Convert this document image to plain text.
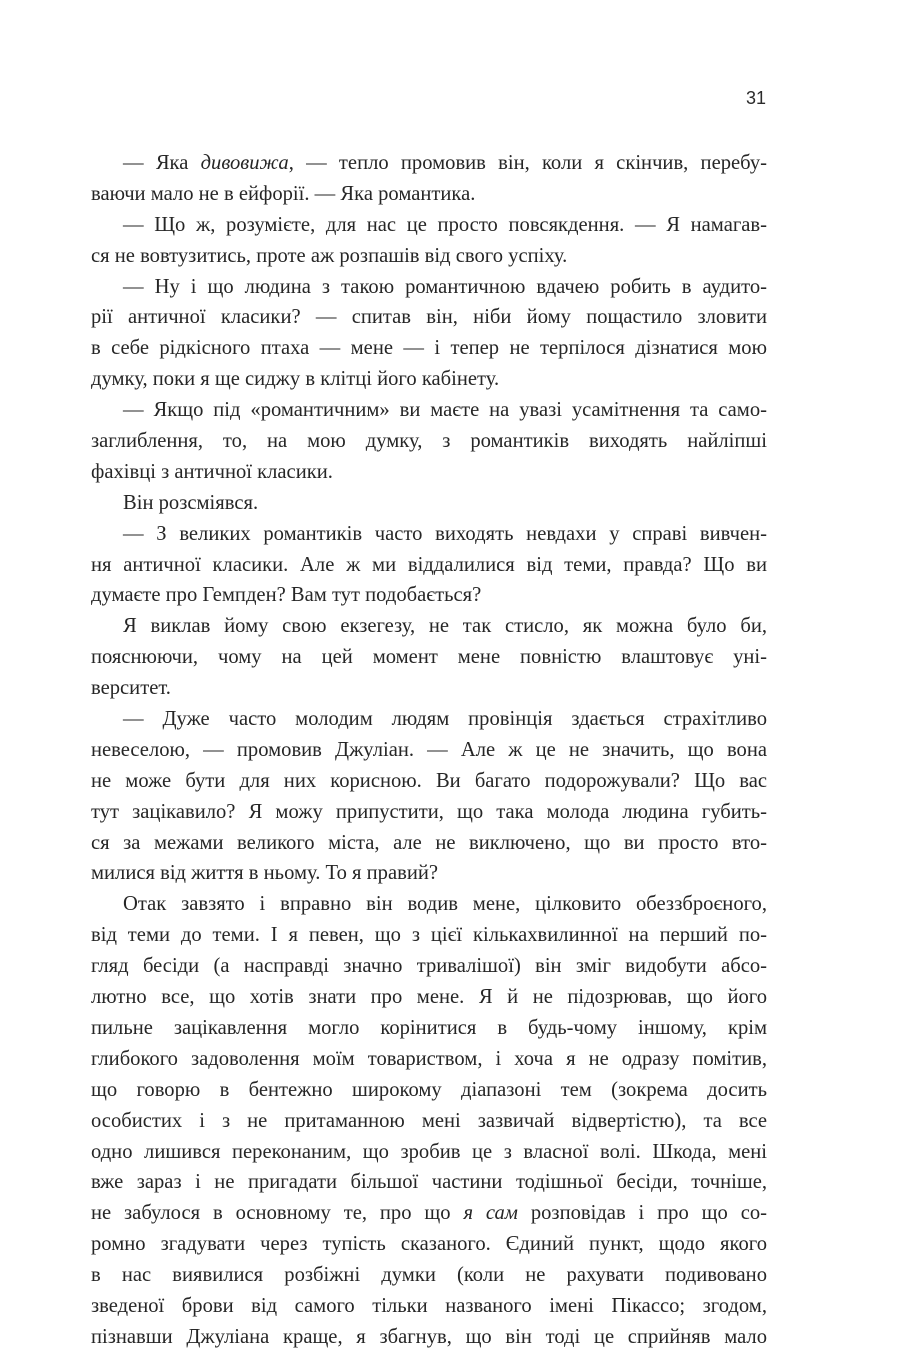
31
— Яка дивовижа, — тепло промовив він, коли я скінчив, перебу-
ваючи мало не в ейфорії. — Яка романтика.
— Що ж, розумієте, для нас це просто повсякдення. — Я намагав-
ся не вовтузитись, проте аж розпашів від свого успіху.
— Ну і що людина з такою романтичною вдачею робить в аудито-
рії античної класики? — спитав він, ніби йому пощастило зловити
в себе рідкісного птаха — мене — і тепер не терпілося дізнатися мою
думку, поки я ще сиджу в клітці його кабінету.
— Якщо під «романтичним» ви маєте на увазі усамітнення та само-
заглиблення, то, на мою думку, з романтиків виходять найліпші
фахівці з античної класики.
Він розсміявся.
— З великих романтиків часто виходять невдахи у справі вивчен-
ня античної класики. Але ж ми віддалилися від теми, правда? Що ви
думаєте про Гемпден? Вам тут подобається?
Я виклав йому свою екзегезу, не так стисло, як можна було би,
пояснюючи, чому на цей момент мене повністю влаштовує уні-
верситет.
— Дуже часто молодим людям провінція здається страхітливо
невеселою, — промовив Джуліан. — Але ж це не значить, що вона
не може бути для них корисною. Ви багато подорожували? Що вас
тут зацікавило? Я можу припустити, що така молода людина губить-
ся за межами великого міста, але не виключено, що ви просто вто-
милися від життя в ньому. То я правий?
Отак завзято і вправно він водив мене, цілковито обеззброєного,
від теми до теми. І я певен, що з цієї кількахвилинної на перший по-
гляд бесіди (а насправді значно тривалішої) він зміг видобути абсо-
лютно все, що хотів знати про мене. Я й не підозрював, що його
пильне зацікавлення могло корінитися в будь-чому іншому, крім
глибокого задоволення моїм товариством, і хоча я не одразу помітив,
що говорю в бентежно широкому діапазоні тем (зокрема досить
особистих і з не притаманною мені зазвичай відвертістю), та все
одно лишився переконаним, що зробив це з власної волі. Шкода, мені
вже зараз і не пригадати більшої частини тодішньої бесіди, точніше,
не забулося в основному те, про що я сам розповідав і про що со-
ромно згадувати через тупість сказаного. Єдиний пункт, щодо якого
в нас виявилися розбіжні думки (коли не рахувати подивовано
зведеної брови від самого тільки названого імені Пікассо; згодом,
пізнавши Джуліана краще, я збагнув, що він тоді це сприйняв мало
